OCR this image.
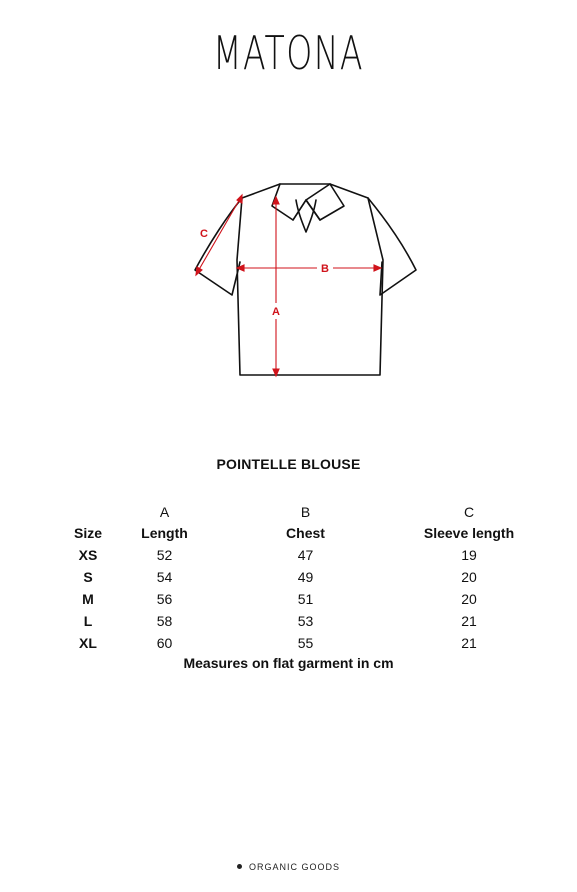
MATONA
A
B
C
POINTELLE BLOUSE
	A	B	C
Size	Length	Chest	Sleeve length
XS	52	47	19
S	54	49	20
M	56	51	20
L	58	53	21
XL	60	55	21
Measures on flat garment in cm
ORGANIC GOODS
